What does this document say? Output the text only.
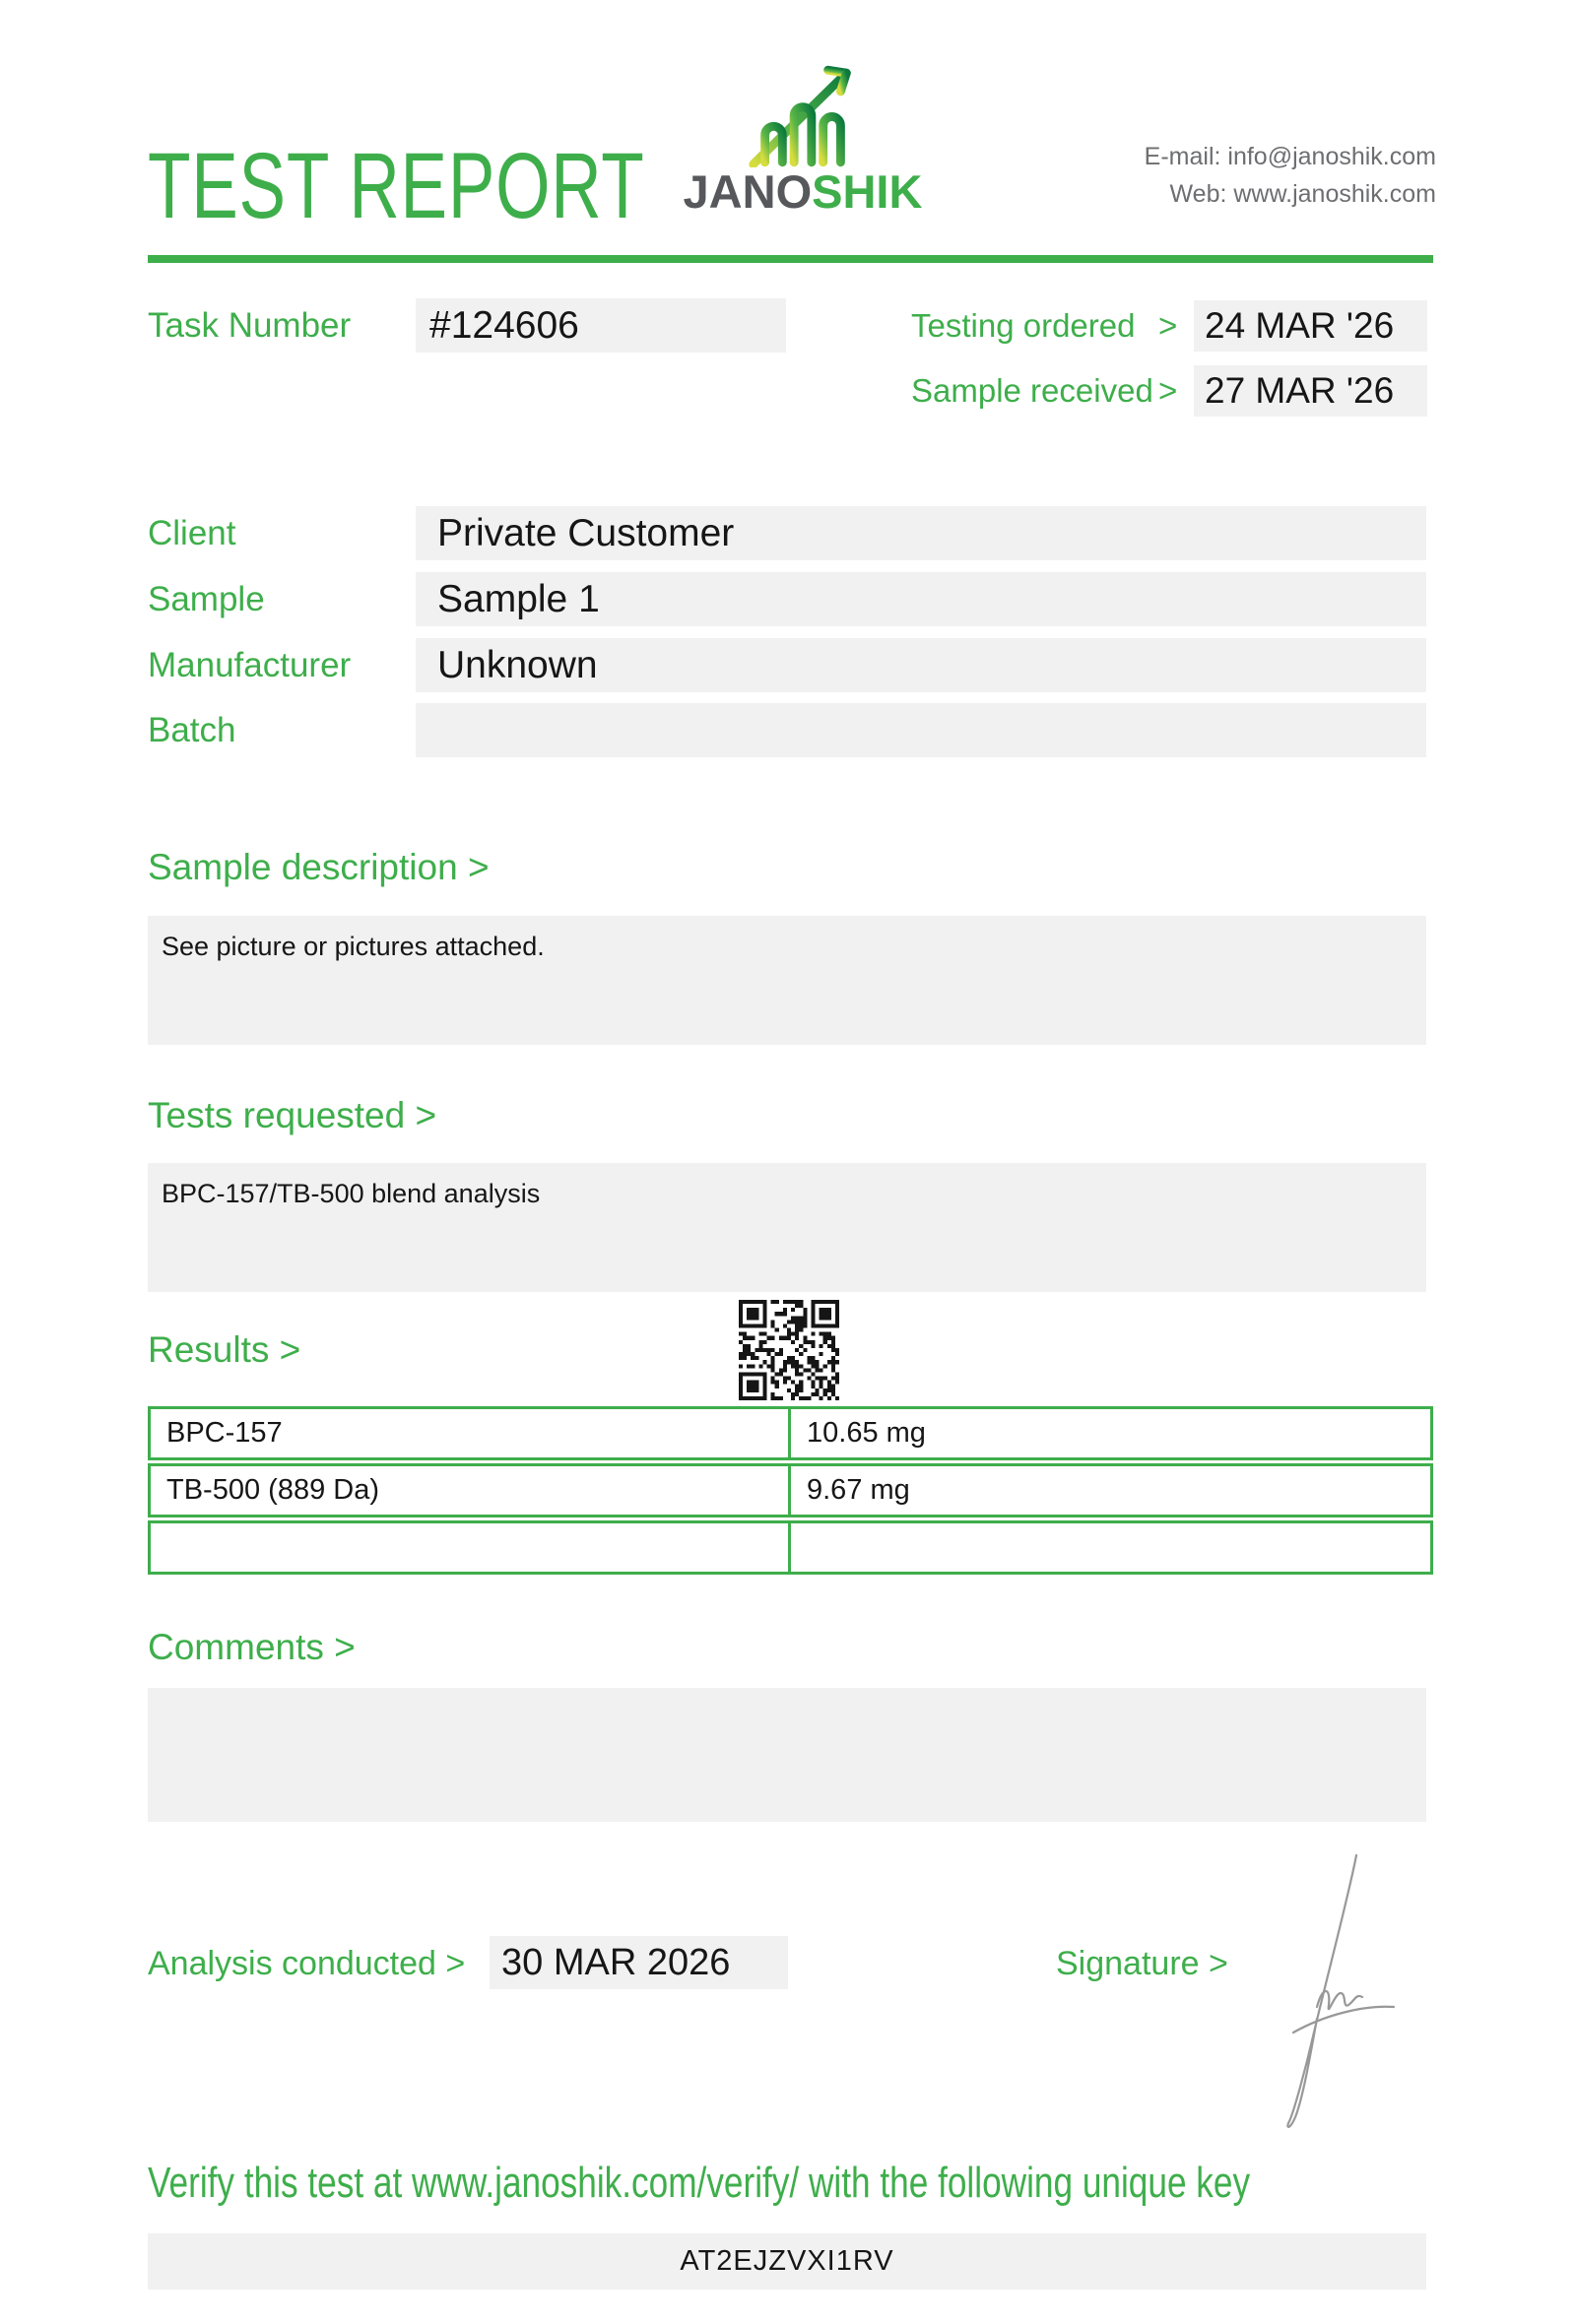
TEST REPORT JANOSHIK
E-mail: info@janoshik.com
Web: www.janoshik.com
Task Number #124606	Testing ordered > 24 MAR '26
Sample received > 27 MAR '26
Client	Private Customer
Sample	Sample 1
Manufacturer Unknown
Batch
Sample description >
See picture or pictures attached.
Tests requested >
BPC-157/TB-500 blend analysis
Results >
BPC-157	10.65 mg
TB-500 (889 Da)	9.67 mg
Comments >
Analysis conducted > 30 MAR 2026	Signature >
Verify this test at www.janoshik.com/verify/ with the following unique key
AT2EJZVXI1RV
